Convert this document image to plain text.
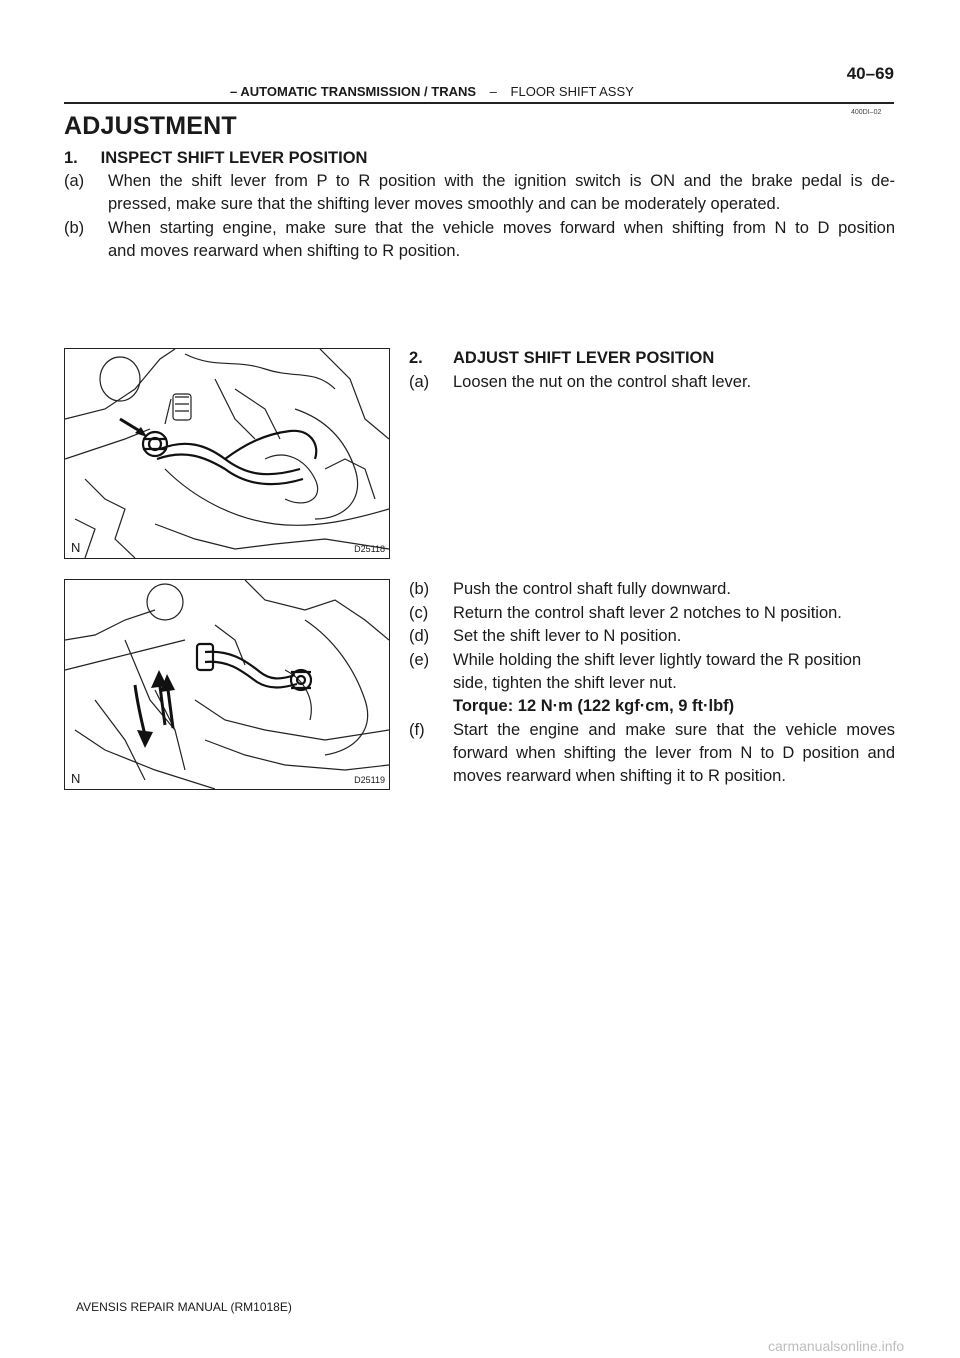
– AUTOMATIC TRANSMISSION / TRANS – FLOOR SHIFT ASSY
40–69
400DI–02
ADJUSTMENT
1.     INSPECT SHIFT LEVER POSITION
(a) When the shift lever from P to R position with the ignition switch is ON and the brake pedal is de-
pressed, make sure that the shifting lever moves smoothly and can be moderately operated.
(b) When starting engine, make sure that the vehicle moves forward when shifting from N to D position
and moves rearward when shifting to R position.
N	D25118
2. ADJUST SHIFT LEVER POSITION
(a) Loosen the nut on the control shaft lever.
N	D25119
(b) Push the control shaft fully downward.
(c) Return the control shaft lever 2 notches to N position.
(d) Set the shift lever to N position.
(e) While holding the shift lever lightly toward the R position
side, tighten the shift lever nut.
Torque: 12 N·m (122 kgf·cm, 9 ft·lbf)
(f) Start the engine and make sure that the vehicle moves
forward when shifting the lever from N to D position and
moves rearward when shifting it to R position.
AVENSIS REPAIR MANUAL (RM1018E)
carmanualsonline.info
